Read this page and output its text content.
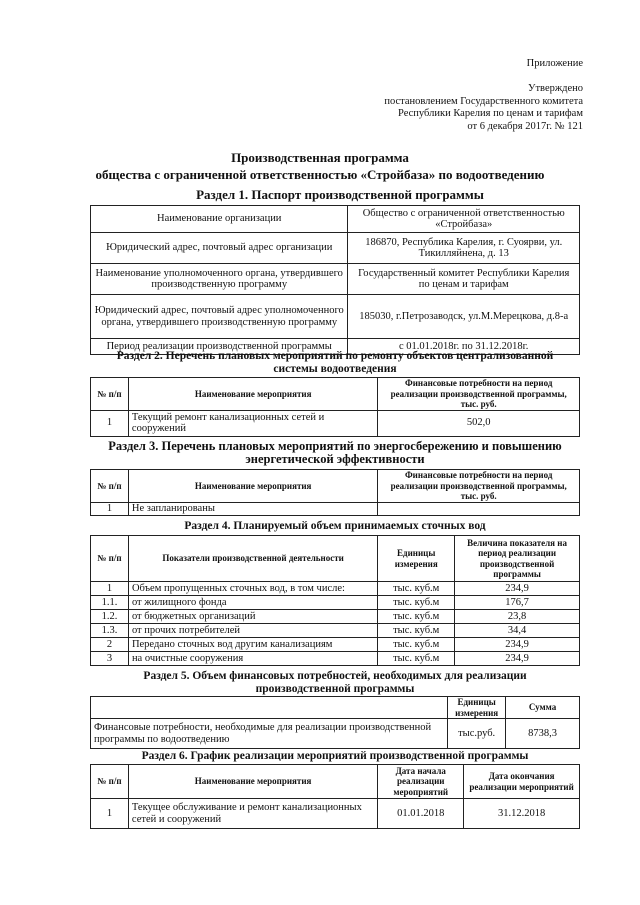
Приложение
Утверждено
постановлением Государственного комитета
Республики Карелия по ценам и тарифам
от 6 декабря 2017г. № 121
Производственная программа
общества с ограниченной ответственностью «Стройбаза» по водоотведению
Раздел 1. Паспорт производственной программы
Наименование организации	Общество с ограниченной ответственностью «Стройбаза»
Юридический адрес, почтовый адрес организации	186870, Республика Карелия, г. Суоярви, ул. Тикилляйнена, д. 13
Наименование уполномоченного органа, утвердившего производственную программу	Государственный комитет Республики Карелия по ценам и тарифам
Юридический адрес, почтовый адрес уполномоченного органа, утвердившего производственную программу	185030, г.Петрозаводск, ул.М.Мерецкова, д.8-а
Период реализации производственной программы	с 01.01.2018г. по 31.12.2018г.
Раздел 2. Перечень плановых мероприятий по ремонту объектов централизованной системы водоотведения
№ п/п	Наименование мероприятия	Финансовые потребности на период реализации производственной программы, тыс. руб.
1	Текущий ремонт канализационных сетей и сооружений	502,0
Раздел 3. Перечень плановых мероприятий по энергосбережению и повышению энергетической эффективности
№ п/п	Наименование мероприятия	Финансовые потребности на период реализации производственной программы, тыс. руб.
1	Не запланированы	
Раздел 4. Планируемый объем принимаемых сточных вод
№ п/п	Показатели производственной деятельности	Единицы измерения	Величина показателя на период реализации производственной программы
1	Объем пропущенных сточных вод, в том числе:	тыс. куб.м	234,9
1.1.	от жилищного фонда	тыс. куб.м	176,7
1.2.	от бюджетных организаций	тыс. куб.м	23,8
1.3.	от прочих потребителей	тыс. куб.м	34,4
2	Передано сточных вод другим канализациям	тыс. куб.м	234,9
3	на очистные сооружения	тыс. куб.м	234,9
Раздел 5. Объем финансовых потребностей, необходимых для реализации производственной программы
	Единицы измерения	Сумма
Финансовые потребности, необходимые для реализации производственной программы по водоотведению	тыс.руб.	8738,3
Раздел 6. График реализации мероприятий производственной программы
№ п/п	Наименование мероприятия	Дата начала реализации мероприятий	Дата окончания реализации мероприятий
1	Текущее обслуживание и ремонт канализационных сетей и сооружений	01.01.2018	31.12.2018
